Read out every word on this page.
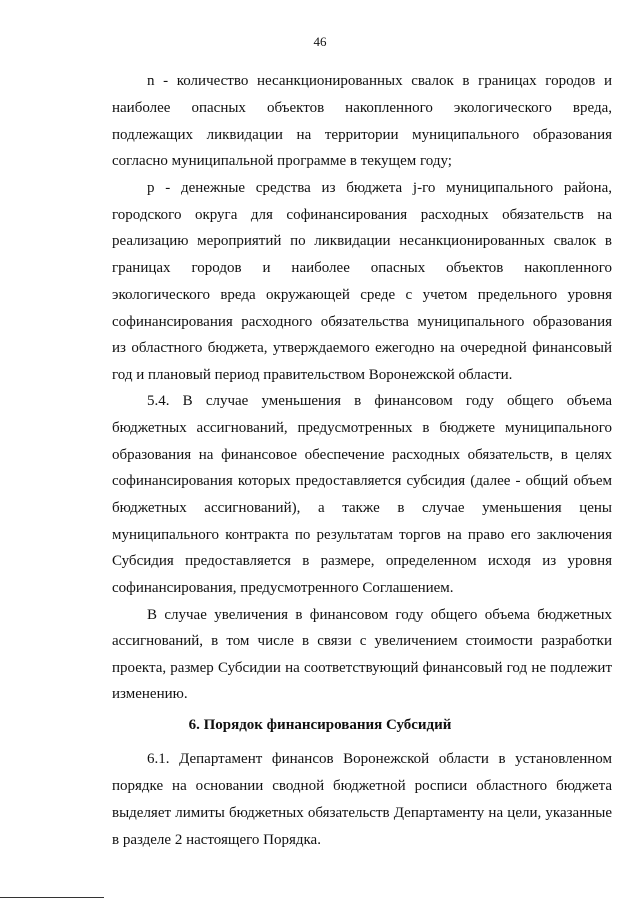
46
n - количество несанкционированных свалок в границах городов и
наиболее опасных объектов накопленного экологического вреда,
подлежащих ликвидации на территории муниципального образования
согласно муниципальной программе в текущем году;
p - денежные средства из бюджета j-го муниципального района,
городского округа для софинансирования расходных обязательств на
реализацию мероприятий по ликвидации несанкционированных свалок в
границах городов и наиболее опасных объектов накопленного
экологического вреда окружающей среде с учетом предельного уровня
софинансирования расходного обязательства муниципального образования
из областного бюджета, утверждаемого ежегодно на очередной финансовый
год и плановый период правительством Воронежской области.
5.4. В случае уменьшения в финансовом году общего объема
бюджетных ассигнований, предусмотренных в бюджете муниципального
образования на финансовое обеспечение расходных обязательств, в целях
софинансирования которых предоставляется субсидия (далее - общий объем
бюджетных ассигнований), а также в случае уменьшения цены
муниципального контракта по результатам торгов на право его заключения
Субсидия предоставляется в размере, определенном исходя из уровня
софинансирования, предусмотренного Соглашением.
В случае увеличения в финансовом году общего объема бюджетных
ассигнований, в том числе в связи с увеличением стоимости разработки
проекта, размер Субсидии на соответствующий финансовый год не подлежит
изменению.
6. Порядок финансирования Субсидий
6.1. Департамент финансов Воронежской области в установленном
порядке на основании сводной бюджетной росписи областного бюджета
выделяет лимиты бюджетных обязательств Департаменту на цели, указанные
в разделе 2 настоящего Порядка.
